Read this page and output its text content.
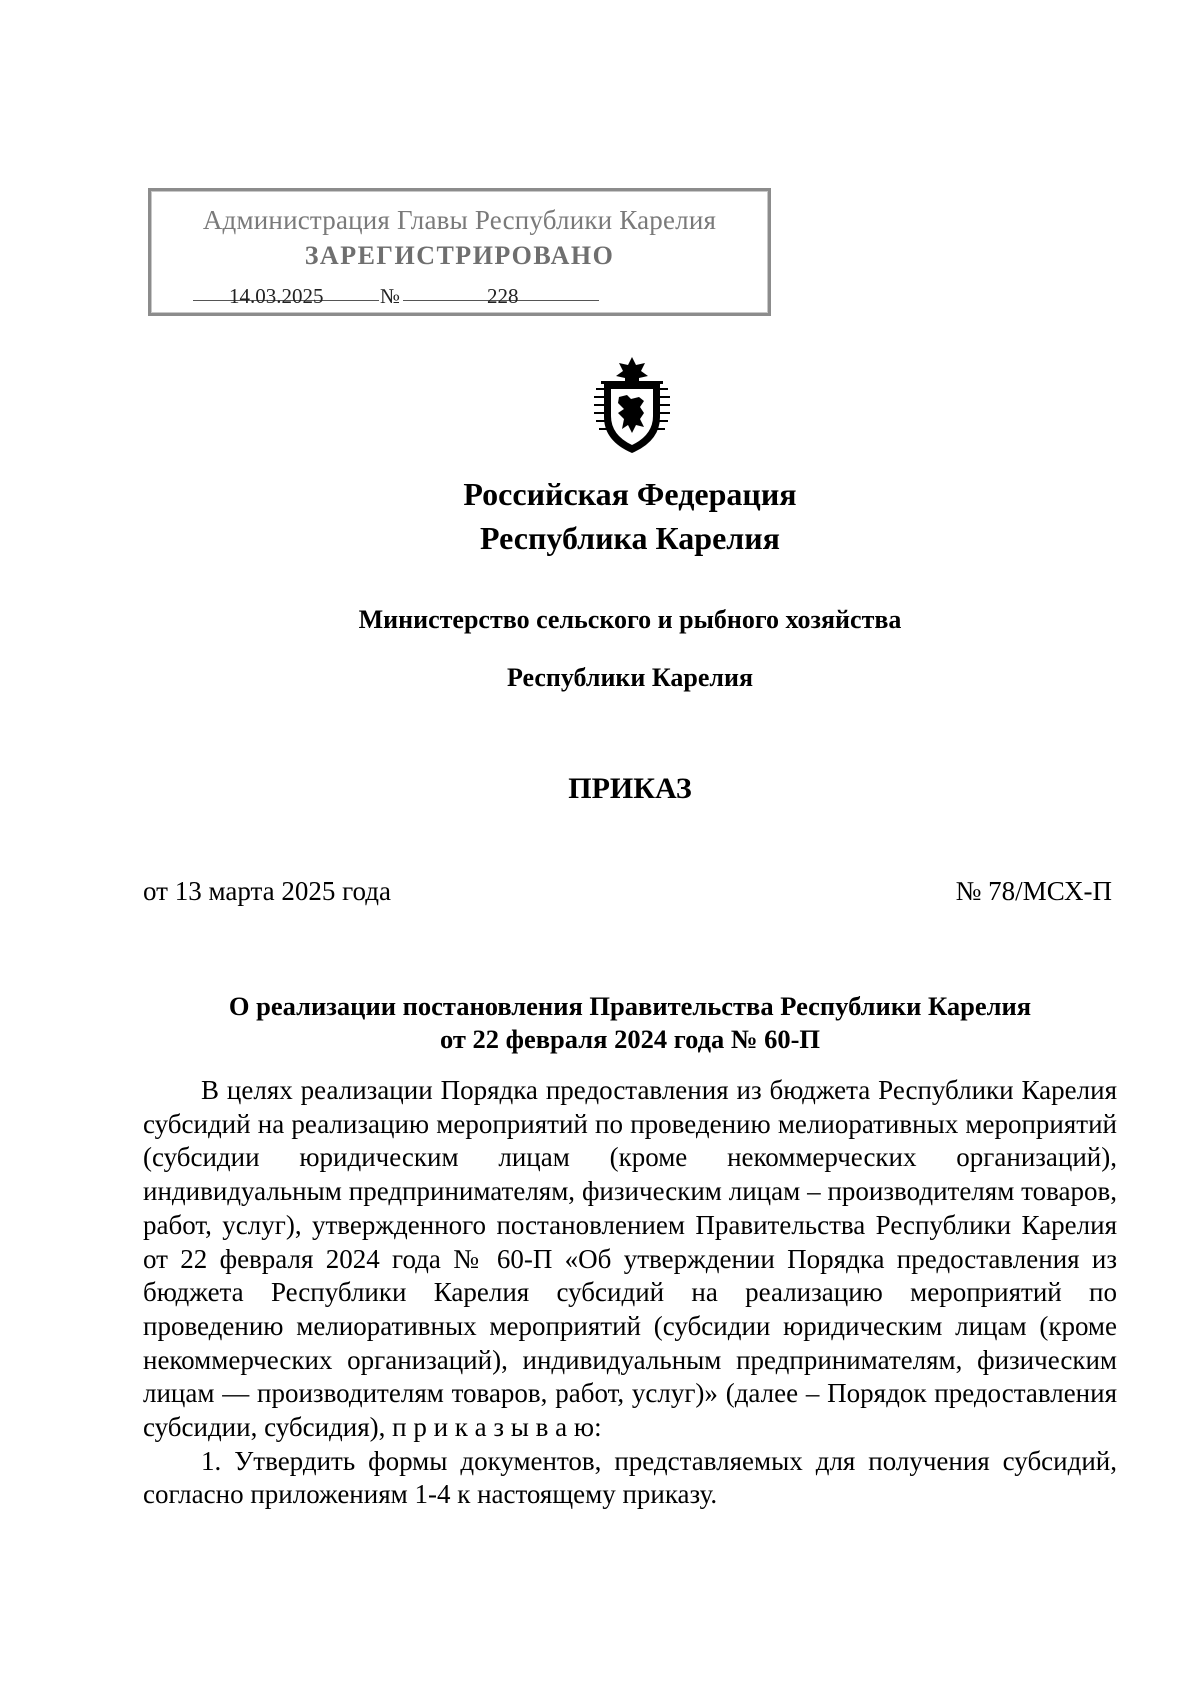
Администрация Главы Республики Карелия
ЗАРЕГИСТРИРОВАНО
14.03.2025	№	228
Российская Федерация
Республика Карелия
Министерство сельского и рыбного хозяйства
Республики Карелия
ПРИКАЗ
от 13 марта 2025 года	№ 78/МСХ-П
О реализации постановления Правительства Республики Карелия
от 22 февраля 2024 года № 60-П

В целях реализации Порядка предоставления из бюджета Республики Карелия субсидий на реализацию мероприятий по проведению мелиоративных мероприятий (субсидии юридическим лицам (кроме некоммерческих организаций), индивидуальным предпринимателям, физическим лицам – производителям товаров, работ, услуг), утвержденного постановлением Правительства Республики Карелия от 22 февраля 2024 года № 60-П «Об утверждении Порядка предоставления из бюджета Республики Карелия субсидий на реализацию мероприятий по проведению мелиоративных мероприятий (субсидии юридическим лицам (кроме некоммерческих организаций), индивидуальным предпринимателям, физическим лицам — производителям товаров, работ, услуг)» (далее – Порядок предоставления субсидии, субсидия), п р и к а з ы в а ю:

1. Утвердить формы документов, представляемых для получения субсидий, согласно приложениям 1-4 к настоящему приказу.
